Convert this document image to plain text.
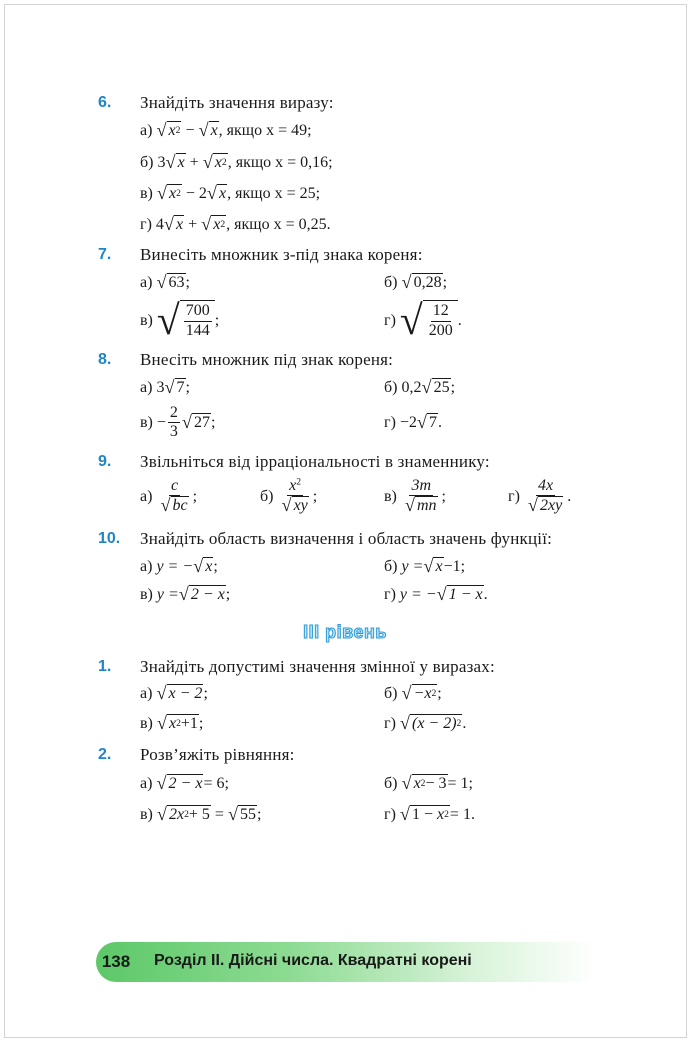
6. Знайдіть значення виразу:
а) √ x 2 − √ x , якщо x = 49;
б) 3 √ x + √ x 2 , якщо x = 0,16;
в) √ x 2 − 2 √ x , якщо x = 25;
г) 4 √ x + √ x 2 , якщо x = 0,25.
7. Винесіть множник з-під знака кореня:
а) √ 63 ;	б) √ 0,28 ;
в) √ $\frac{700}{144}$ ;	г) √ $\frac{12}{200}$ .
8. Внесіть множник під знак кореня:
а) 3 √ 7 ;	б) 0,2 √ 25 ;
$в) - \frac{2}{3}$ √ 27 ;	г) −2 √ 7 .
9. Звільніться від ірраціональності в знаменнику:
$а) \frac{c}{√ bc}$ ;	$б) \frac{x^2}{√ xy}$ ;	$в) \frac{3m}{√ mn}$ ;	$г) \frac{4x}{√ 2xy}$ .
10. Знайдіть область визначення і область значень функції:
а) y = − √ x ;	б) y = √ x −1 ;
в) y = √ 2 − x ;	г) y = − √ 1 − x .
III рівень
1. Знайдіть допустимі значення змінної у виразах:
а) √ x − 2 ;	б) √ −x 2 ;
в) √ x 2 +1 ;	г) √ (x − 2) 2 .
2. Розв’яжіть рівняння:
а) √ 2 − x = 6 ;	б) √ x 2 − 3 = 1 ;
в) √ 2x 2 + 5 = √ 55 ;	г) √ 1 − x 2 = 1 .
138	Розділ ІІ. Дійсні числа. Квадратні корені
